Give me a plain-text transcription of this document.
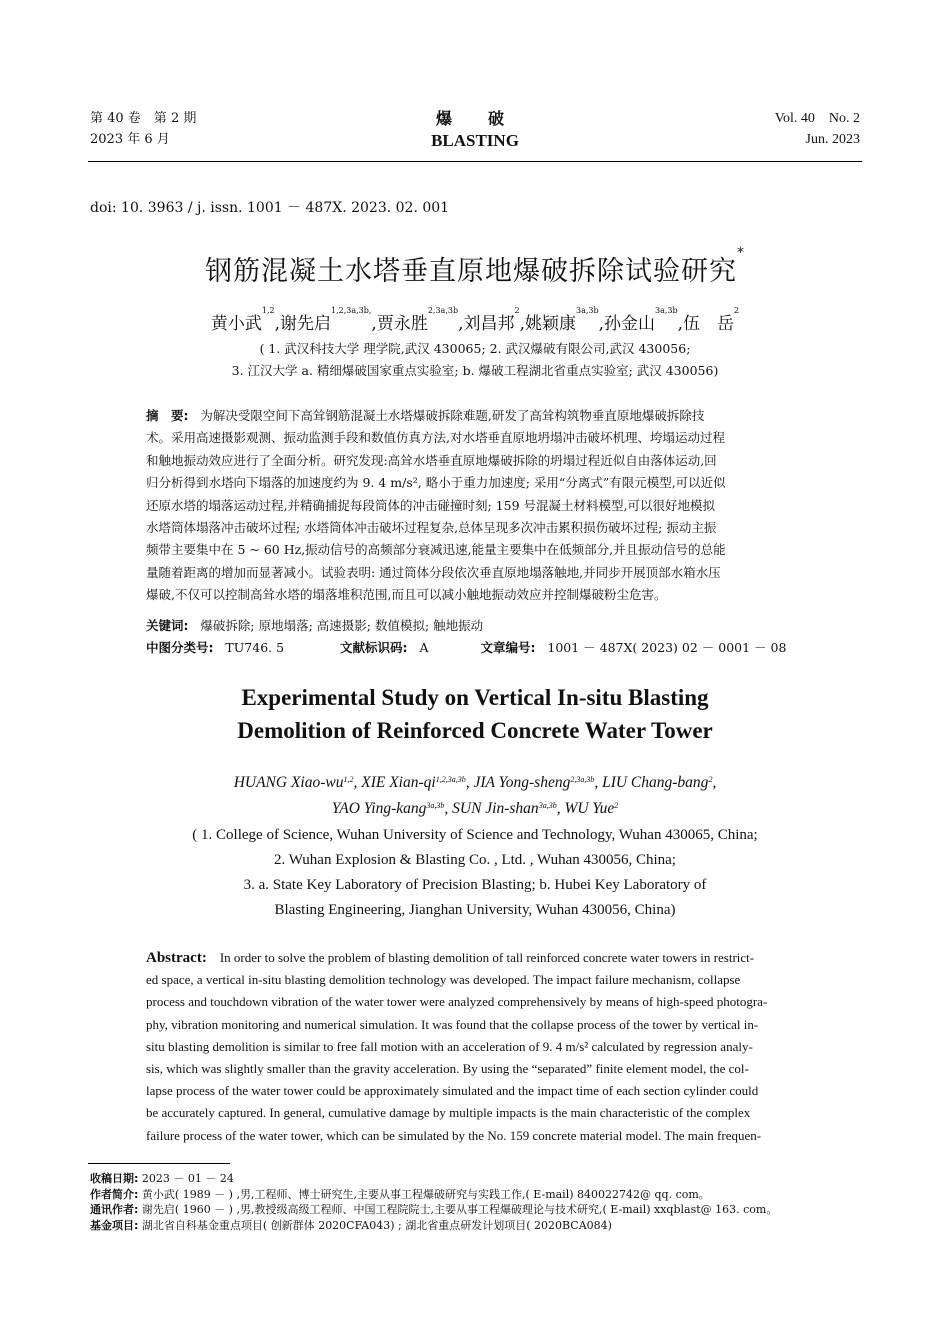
第 40 卷　第 2 期
2023 年 6 月
爆　破
BLASTING
Vol. 40　No. 2
Jun. 2023
doi: 10. 3963 / j. issn. 1001 － 487X. 2023. 02. 001
钢筋混凝土水塔垂直原地爆破拆除试验研究*
黄小武$^{1,2}$,谢先启$^{1,2,3a,3b,}$,贾永胜$^{2,3a,3b}$,刘昌邦$^2$,姚颖康$^{3a,3b}$,孙金山$^{3a,3b}$,伍　岳$^2$
( 1. 武汉科技大学 理学院,武汉 430065; 2. 武汉爆破有限公司,武汉 430056;
3. 江汉大学 a. 精细爆破国家重点实验室; b. 爆破工程湖北省重点实验室; 武汉 430056)
摘　要: 为解决受限空间下高耸钢筋混凝土水塔爆破拆除难题,研发了高耸构筑物垂直原地爆破拆除技
术。采用高速摄影观测、振动监测手段和数值仿真方法,对水塔垂直原地坍塌冲击破坏机理、垮塌运动过程
和触地振动效应进行了全面分析。研究发现:高耸水塔垂直原地爆破拆除的坍塌过程近似自由落体运动,回
归分析得到水塔向下塌落的加速度约为 9. 4 m/s², 略小于重力加速度; 采用“分离式”有限元模型,可以近似
还原水塔的塌落运动过程,并精确捕捉每段筒体的冲击碰撞时刻; 159 号混凝土材料模型,可以很好地模拟
水塔筒体塌落冲击破坏过程; 水塔筒体冲击破坏过程复杂,总体呈现多次冲击累积损伤破坏过程; 振动主振
频带主要集中在 5 ~ 60 Hz,振动信号的高频部分衰减迅速,能量主要集中在低频部分,并且振动信号的总能
量随着距离的增加而显著减小。试验表明: 通过筒体分段依次垂直原地塌落触地,并同步开展顶部水箱水压
爆破,不仅可以控制高耸水塔的塌落堆积范围,而且可以减小触地振动效应并控制爆破粉尘危害。
关键词: 爆破拆除; 原地塌落; 高速摄影; 数值模拟; 触地振动
中图分类号: TU746. 5	文献标识码: A	文章编号: 1001 － 487X( 2023) 02 － 0001 － 08
Experimental Study on Vertical In-situ Blasting
Demolition of Reinforced Concrete Water Tower
HUANG Xiao-wu$^{1,2}$, XIE Xian-$qi^{1,2,3a,3b}$, JIA Yong-sheng$^{2,3a,3b}$, LIU Chang-bang$^2$,
YAO Ying-kang$^{3a,3b}$, SUN Jin-shan$^{3a,3b}$, WU Yue$^2$
( 1. College of Science, Wuhan University of Science and Technology, Wuhan 430065, China;
2. Wuhan Explosion & Blasting Co. , Ltd. , Wuhan 430056, China;
3. a. State Key Laboratory of Precision Blasting; b. Hubei Key Laboratory of
Blasting Engineering, Jianghan University, Wuhan 430056, China)
Abstract: In order to solve the problem of blasting demolition of tall reinforced concrete water towers in restrict-
ed space, a vertical in-situ blasting demolition technology was developed. The impact failure mechanism, collapse
process and touchdown vibration of the water tower were analyzed comprehensively by means of high-speed photogra-
phy, vibration monitoring and numerical simulation. It was found that the collapse process of the tower by vertical in-
situ blasting demolition is similar to free fall motion with an acceleration of 9. 4 m/s² calculated by regression analy-
sis, which was slightly smaller than the gravity acceleration. By using the “separated” finite element model, the col-
lapse process of the water tower could be approximately simulated and the impact time of each section cylinder could
be accurately captured. In general, cumulative damage by multiple impacts is the main characteristic of the complex
failure process of the water tower, which can be simulated by the No. 159 concrete material model. The main frequen-
收稿日期: 2023 － 01 － 24
作者简介: 黄小武( 1989 － ) ,男,工程师、博士研究生,主要从事工程爆破研究与实践工作,( E-mail) 840022742@ qq. com。
通讯作者: 谢先启( 1960 － ) ,男,教授级高级工程师、中国工程院院士,主要从事工程爆破理论与技术研究,( E-mail) xxqblast@ 163. com。
基金项目: 湖北省自科基金重点项目( 创新群体 2020CFA043) ; 湖北省重点研发计划项目( 2020BCA084)
